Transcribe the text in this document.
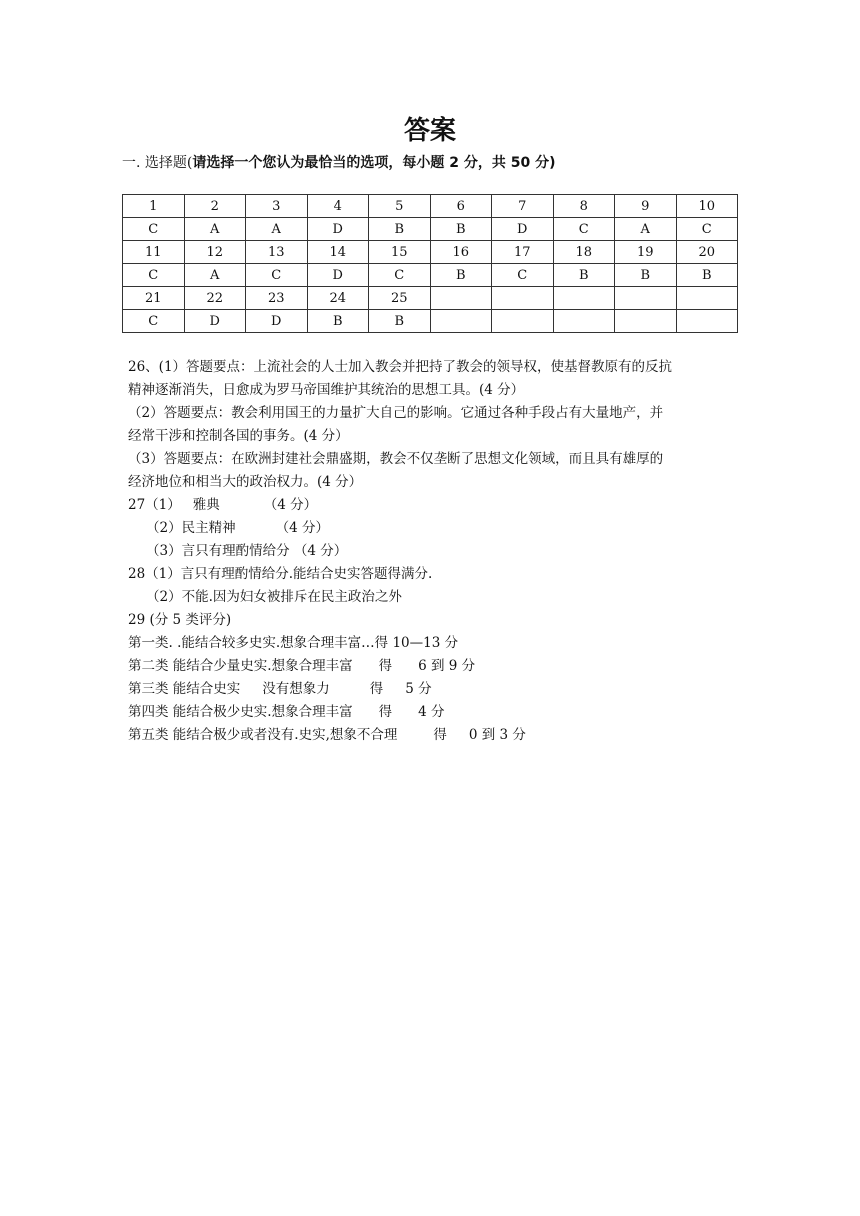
答案
一. 选择题(请选择一个您认为最恰当的选项，每小题 2 分，共 50 分)
1	2	3	4	5	6	7	8	9	10
C	A	A	D	B	B	D	C	A	C
11	12	13	14	15	16	17	18	19	20
C	A	C	D	C	B	C	B	B	B
21	22	23	24	25					
C	D	D	B	B					

26、(1）答题要点：上流社会的人士加入教会并把持了教会的领导权，使基督教原有的反抗

精神逐渐消失，日愈成为罗马帝国维护其统治的思想工具。(4 分）

（2）答题要点：教会利用国王的力量扩大自己的影响。它通过各种手段占有大量地产，并

经常干涉和控制各国的事务。(4 分）

（3）答题要点：在欧洲封建社会鼎盛期，教会不仅垄断了思想文化领域，而且具有雄厚的

经济地位和相当大的政治权力。(4 分）

27（1） 雅典	（4 分）

（2）民主精神	（4 分）

（3）言只有理酌情给分 （4 分）

28（1）言只有理酌情给分.能结合史实答题得满分.

（2）不能.因为妇女被排斥在民主政治之外

29 (分 5 类评分)

第一类. .能结合较多史实.想象合理丰富…得 10—13 分

第二类 能结合少量史实.想象合理丰富 得 6 到 9 分

第三类 能结合史实 没有想象力	得 5 分

第四类 能结合极少史实.想象合理丰富 得 4 分

第五类 能结合极少或者没有.史实,想象不合理	得 0 到 3 分
